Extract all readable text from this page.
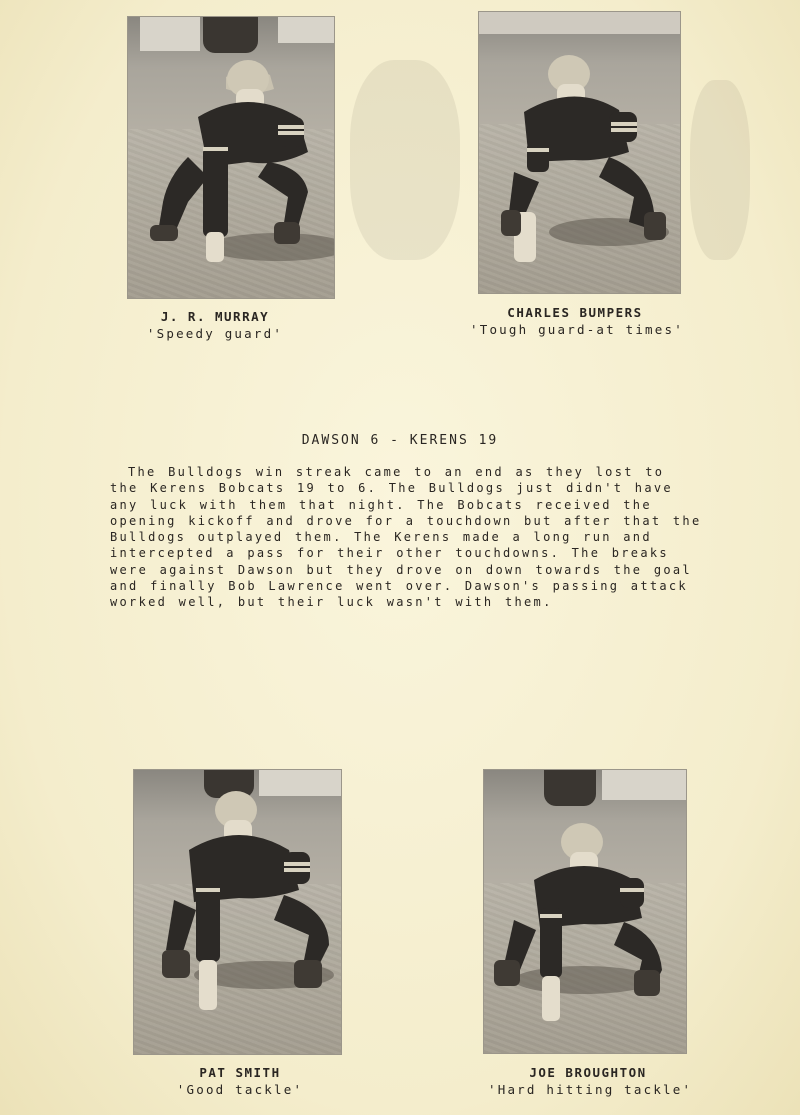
J. R. MURRAY
'Speedy guard'
CHARLES BUMPERS
'Tough guard-at times'
DAWSON 6 - KERENS 19
The Bulldogs win streak came to an end as they lost to
the Kerens Bobcats 19 to 6. The Bulldogs just didn't have
any luck with them that night. The Bobcats received the
opening kickoff and drove for a touchdown but after that the
Bulldogs outplayed them. The Kerens made a long run and
intercepted a pass for their other touchdowns. The breaks
were against Dawson but they drove on down towards the goal
and finally Bob Lawrence went over. Dawson's passing attack
worked well, but their luck wasn't with them.
PAT SMITH
'Good tackle'
JOE BROUGHTON
'Hard hitting tackle'
